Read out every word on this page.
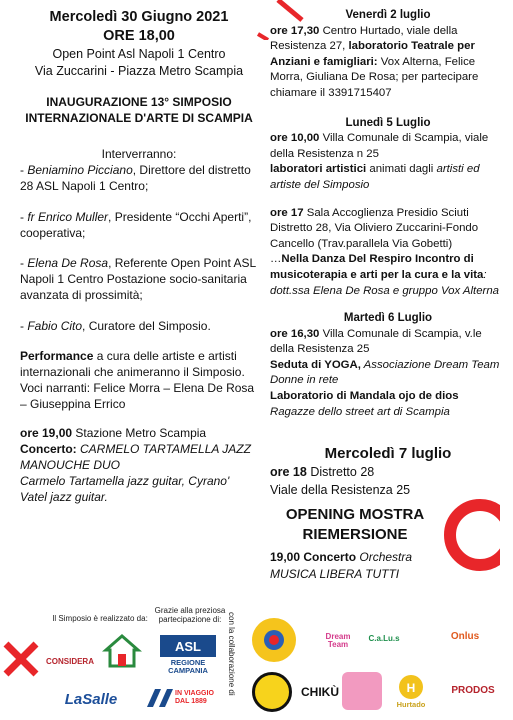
Mercoledì 30 Giugno 2021
ORE 18,00
Open Point Asl Napoli 1 Centro
Via Zuccarini - Piazza Metro Scampia
INAUGURAZIONE 13° SIMPOSIO
INTERNAZIONALE D'ARTE DI SCAMPIA
Interverranno:

- Beniamino Picciano, Direttore del distretto 28 ASL Napoli 1 Centro;

- fr Enrico Muller, Presidente “Occhi Aperti”, cooperativa;

- Elena De Rosa, Referente Open Point ASL Napoli 1 Centro Postazione socio-sanitaria avanzata di prossimità;

- Fabio Cito, Curatore del Simposio.

Performance a cura delle artiste e artisti internazionali che animeranno il Simposio. Voci narranti: Felice Morra – Elena De Rosa – Giuseppina Errico

ore 19,00 Stazione Metro Scampia

Concerto: CARMELO TARTAMELLA JAZZ MANOUCHE DUO

Carmelo Tartamella jazz guitar, Cyrano' Vatel jazz guitar.

Venerdì 2 luglio

ore 17,30 Centro Hurtado, viale della Resistenza 27, laboratorio Teatrale per Anziani e famigliari: Vox Alterna, Felice Morra, Giuliana De Rosa; per partecipare chiamare il 3391715407

Lunedì 5 Luglio

ore 10,00 Villa Comunale di Scampia, viale della Resistenza n 25
laboratori artistici animati dagli artisti ed artiste del Simposio

ore 17 Sala Accoglienza Presidio Sciuti Distretto 28, Via Oliviero Zuccarini-Fondo Cancello (Trav.parallela Via Gobetti)
…Nella Danza Del Respiro Incontro di musicoterapia e arti per la cura e la vita: dott.ssa Elena De Rosa e gruppo Vox Alterna

Martedì 6 Luglio

ore 16,30 Villa Comunale di Scampia, v.le della Resistenza 25
Seduta di YOGA, Associazione Dream Team Donne in rete
Laboratorio di Mandala ojo de dios Ragazze dello street art di Scampia

Mercoledì 7 luglio

ore 18 Distretto 28

Viale della Resistenza 25

OPENING MOSTRA
RIEMERSIONE

19,00 Concerto Orchestra MUSICA LIBERA TUTTI

Il Simposio è realizzato da:
Grazie alla preziosa partecipazione di: con la collaborazione di
CONSIDERA
ASL
REGIONE CAMPANIA
LaSalle	IN VIAGGIO DAL 1889
Dream Team
C.a.Lu.s	Onlus
CHIKÙ	H
Hurtado
PRODOS
